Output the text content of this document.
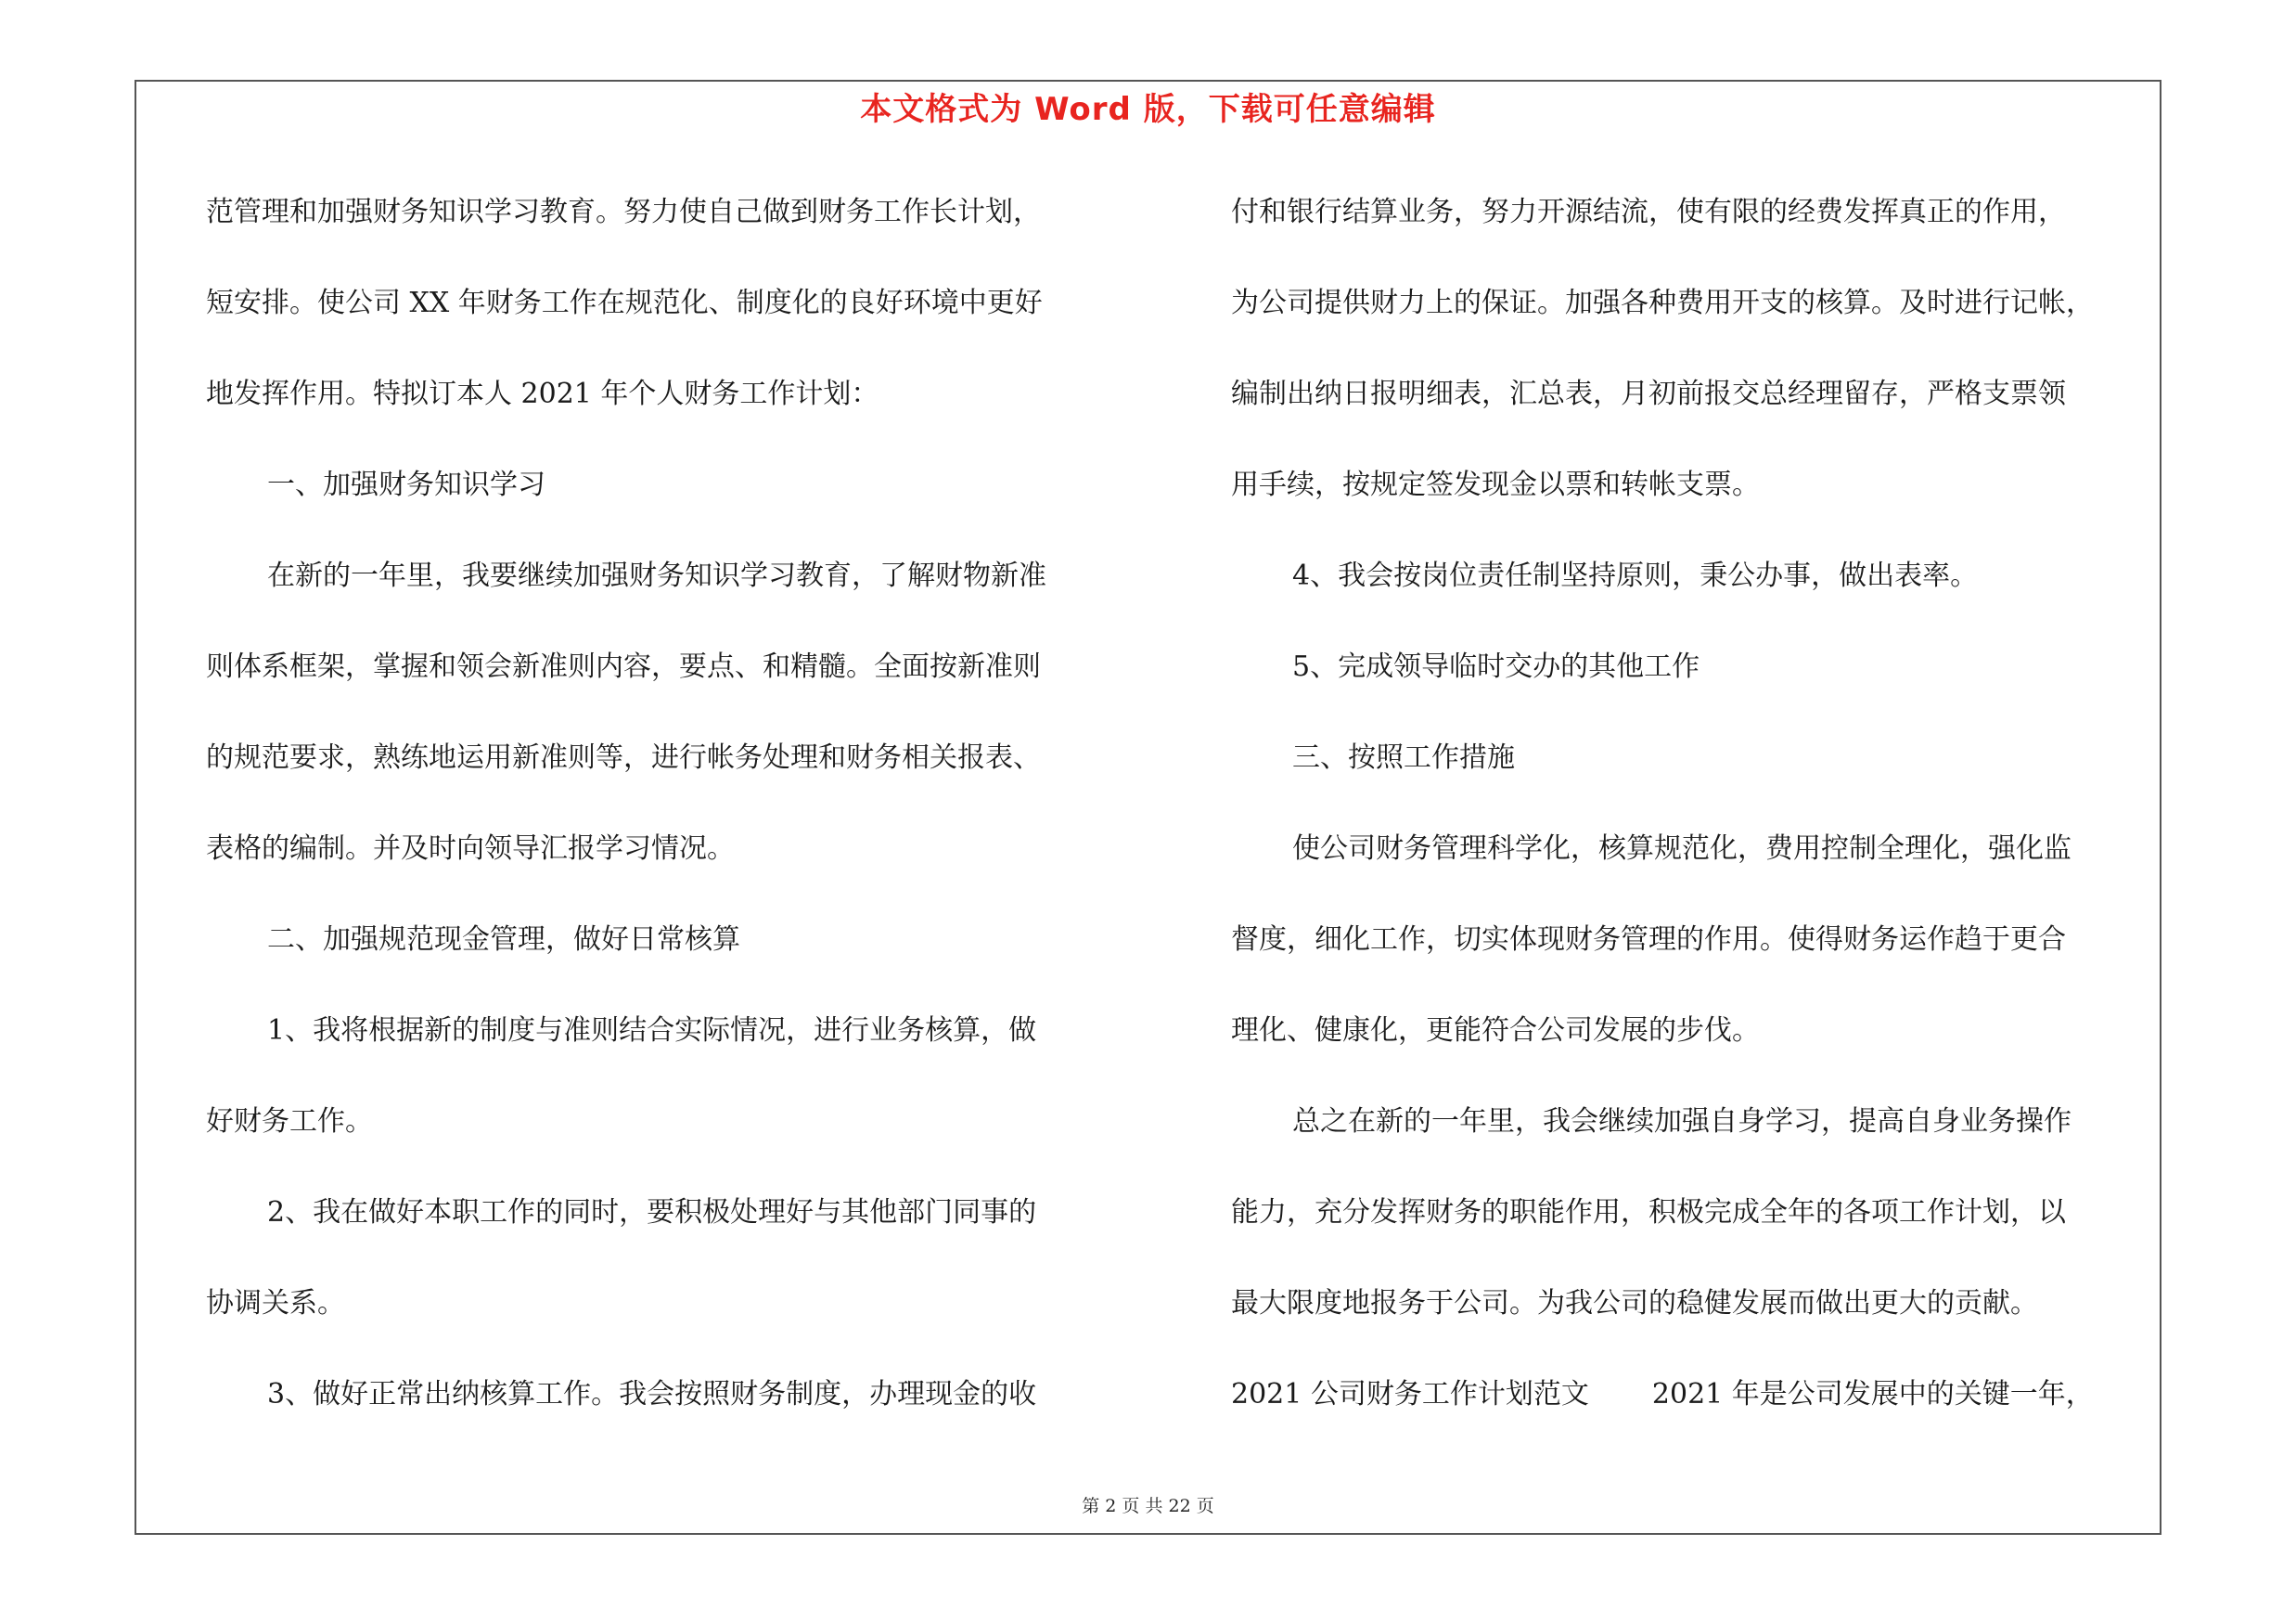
本文格式为 Word 版，下载可任意编辑
范管理和加强财务知识学习教育。努力使自己做到财务工作长计划，
短安排。使公司 XX 年财务工作在规范化、制度化的良好环境中更好
地发挥作用。特拟订本人 2021 年个人财务工作计划：
一、加强财务知识学习
在新的一年里，我要继续加强财务知识学习教育，了解财物新准
则体系框架，掌握和领会新准则内容，要点、和精髓。全面按新准则
的规范要求，熟练地运用新准则等，进行帐务处理和财务相关报表、
表格的编制。并及时向领导汇报学习情况。
二、加强规范现金管理，做好日常核算
1、我将根据新的制度与准则结合实际情况，进行业务核算，做
好财务工作。
2、我在做好本职工作的同时，要积极处理好与其他部门同事的
协调关系。
3、做好正常出纳核算工作。我会按照财务制度，办理现金的收
付和银行结算业务，努力开源结流，使有限的经费发挥真正的作用，
为公司提供财力上的保证。加强各种费用开支的核算。及时进行记帐，
编制出纳日报明细表，汇总表，月初前报交总经理留存，严格支票领
用手续，按规定签发现金以票和转帐支票。
4、我会按岗位责任制坚持原则，秉公办事，做出表率。
5、完成领导临时交办的其他工作
三、按照工作措施
使公司财务管理科学化，核算规范化，费用控制全理化，强化监
督度，细化工作，切实体现财务管理的作用。使得财务运作趋于更合
理化、健康化，更能符合公司发展的步伐。
总之在新的一年里，我会继续加强自身学习，提高自身业务操作
能力，充分发挥财务的职能作用，积极完成全年的各项工作计划，以
最大限度地报务于公司。为我公司的稳健发展而做出更大的贡献。
2021 公司财务工作计划范文 2021 年是公司发展中的关键一年，
第 2 页 共 22 页
